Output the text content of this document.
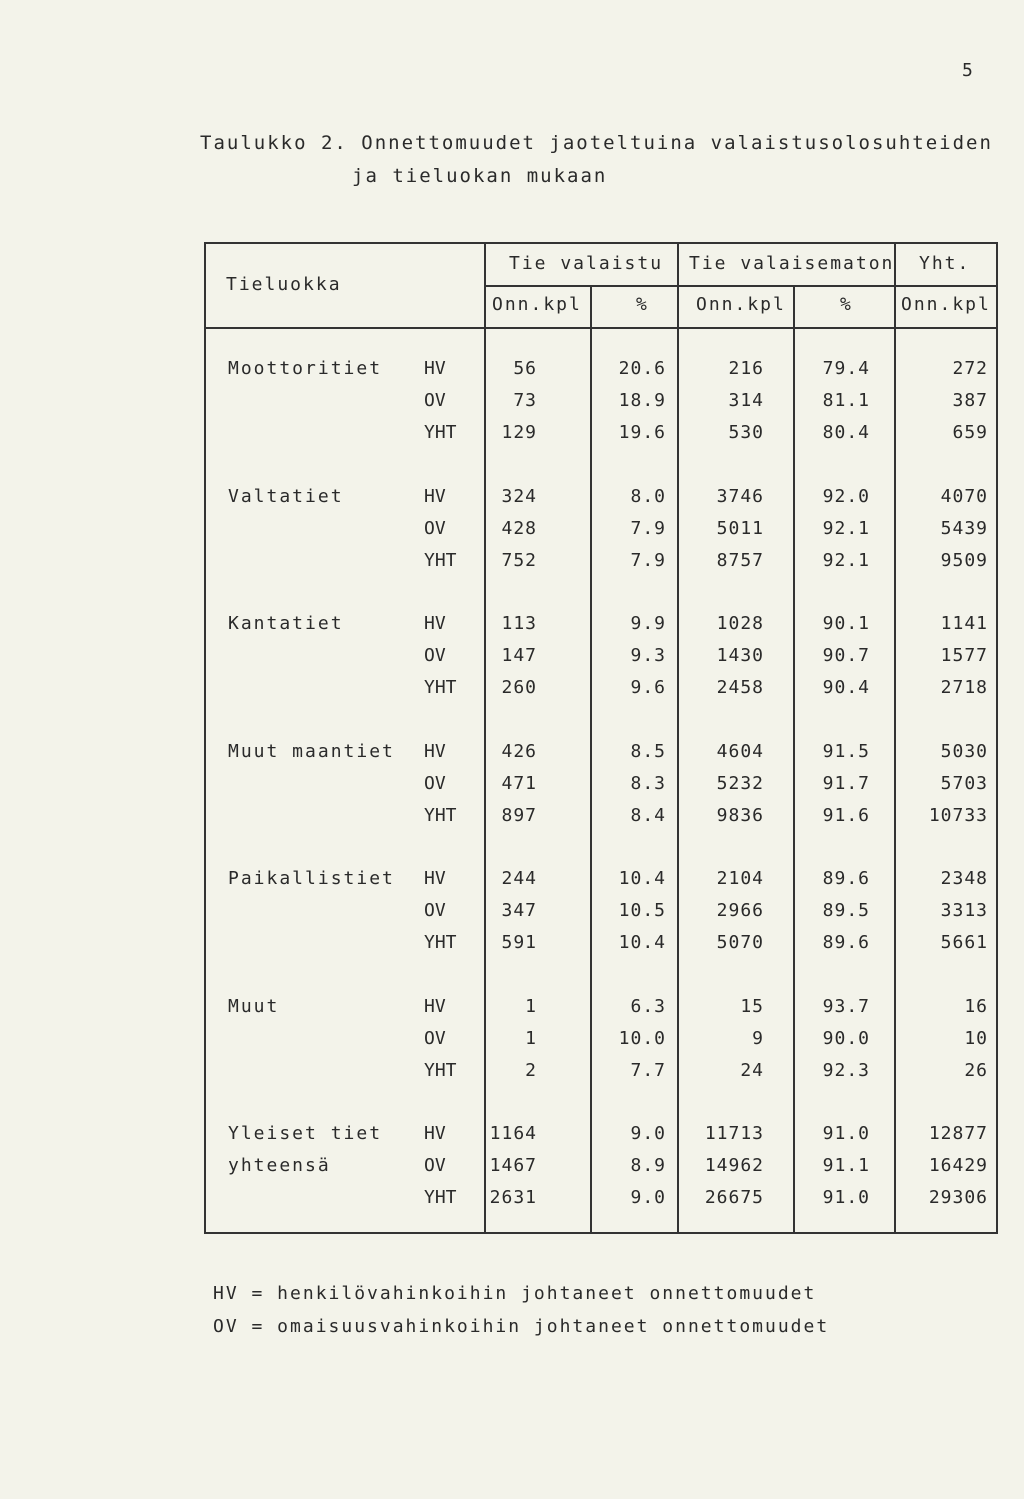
5
Taulukko 2. Onnettomuudet jaoteltuina valaistusolosuhteiden
ja tieluokan mukaan
Tieluokka
Tie valaistu Tie valaisematon Yht.
Onn.kpl	%	Onn.kpl	%	Onn.kpl
Moottoritiet HV	56	20.6	216	79.4	272
OV	73	18.9	314	81.1	387
YHT 129	19.6	530	80.4	659
Valtatiet	HV	324	8.0	3746	92.0	4070
OV	428	7.9	5011	92.1	5439
YHT 752	7.9	8757	92.1	9509
Kantatiet	HV	113	9.9	1028	90.1	1141
OV	147	9.3	1430	90.7	1577
YHT 260	9.6	2458	90.4	2718
Muut maantiet HV	426	8.5	4604	91.5	5030
OV	471	8.3	5232	91.7	5703
YHT 897	8.4	9836	91.6	10733
Paikallistiet HV	244	10.4	2104	89.6	2348
OV	347	10.5	2966	89.5	3313
YHT 591	10.4	5070	89.6	5661
Muut	HV	1	6.3	15	93.7	16
OV	1	10.0	9	90.0	10
YHT	2	7.7	24	92.3	26
Yleiset tiet
yhteensä
HV 1164	9.0 11713	91.0	12877
OV 1467	8.9 14962	91.1	16429
YHT 2631	9.0 26675	91.0	29306
HV = henkilövahinkoihin johtaneet onnettomuudet
OV = omaisuusvahinkoihin johtaneet onnettomuudet
